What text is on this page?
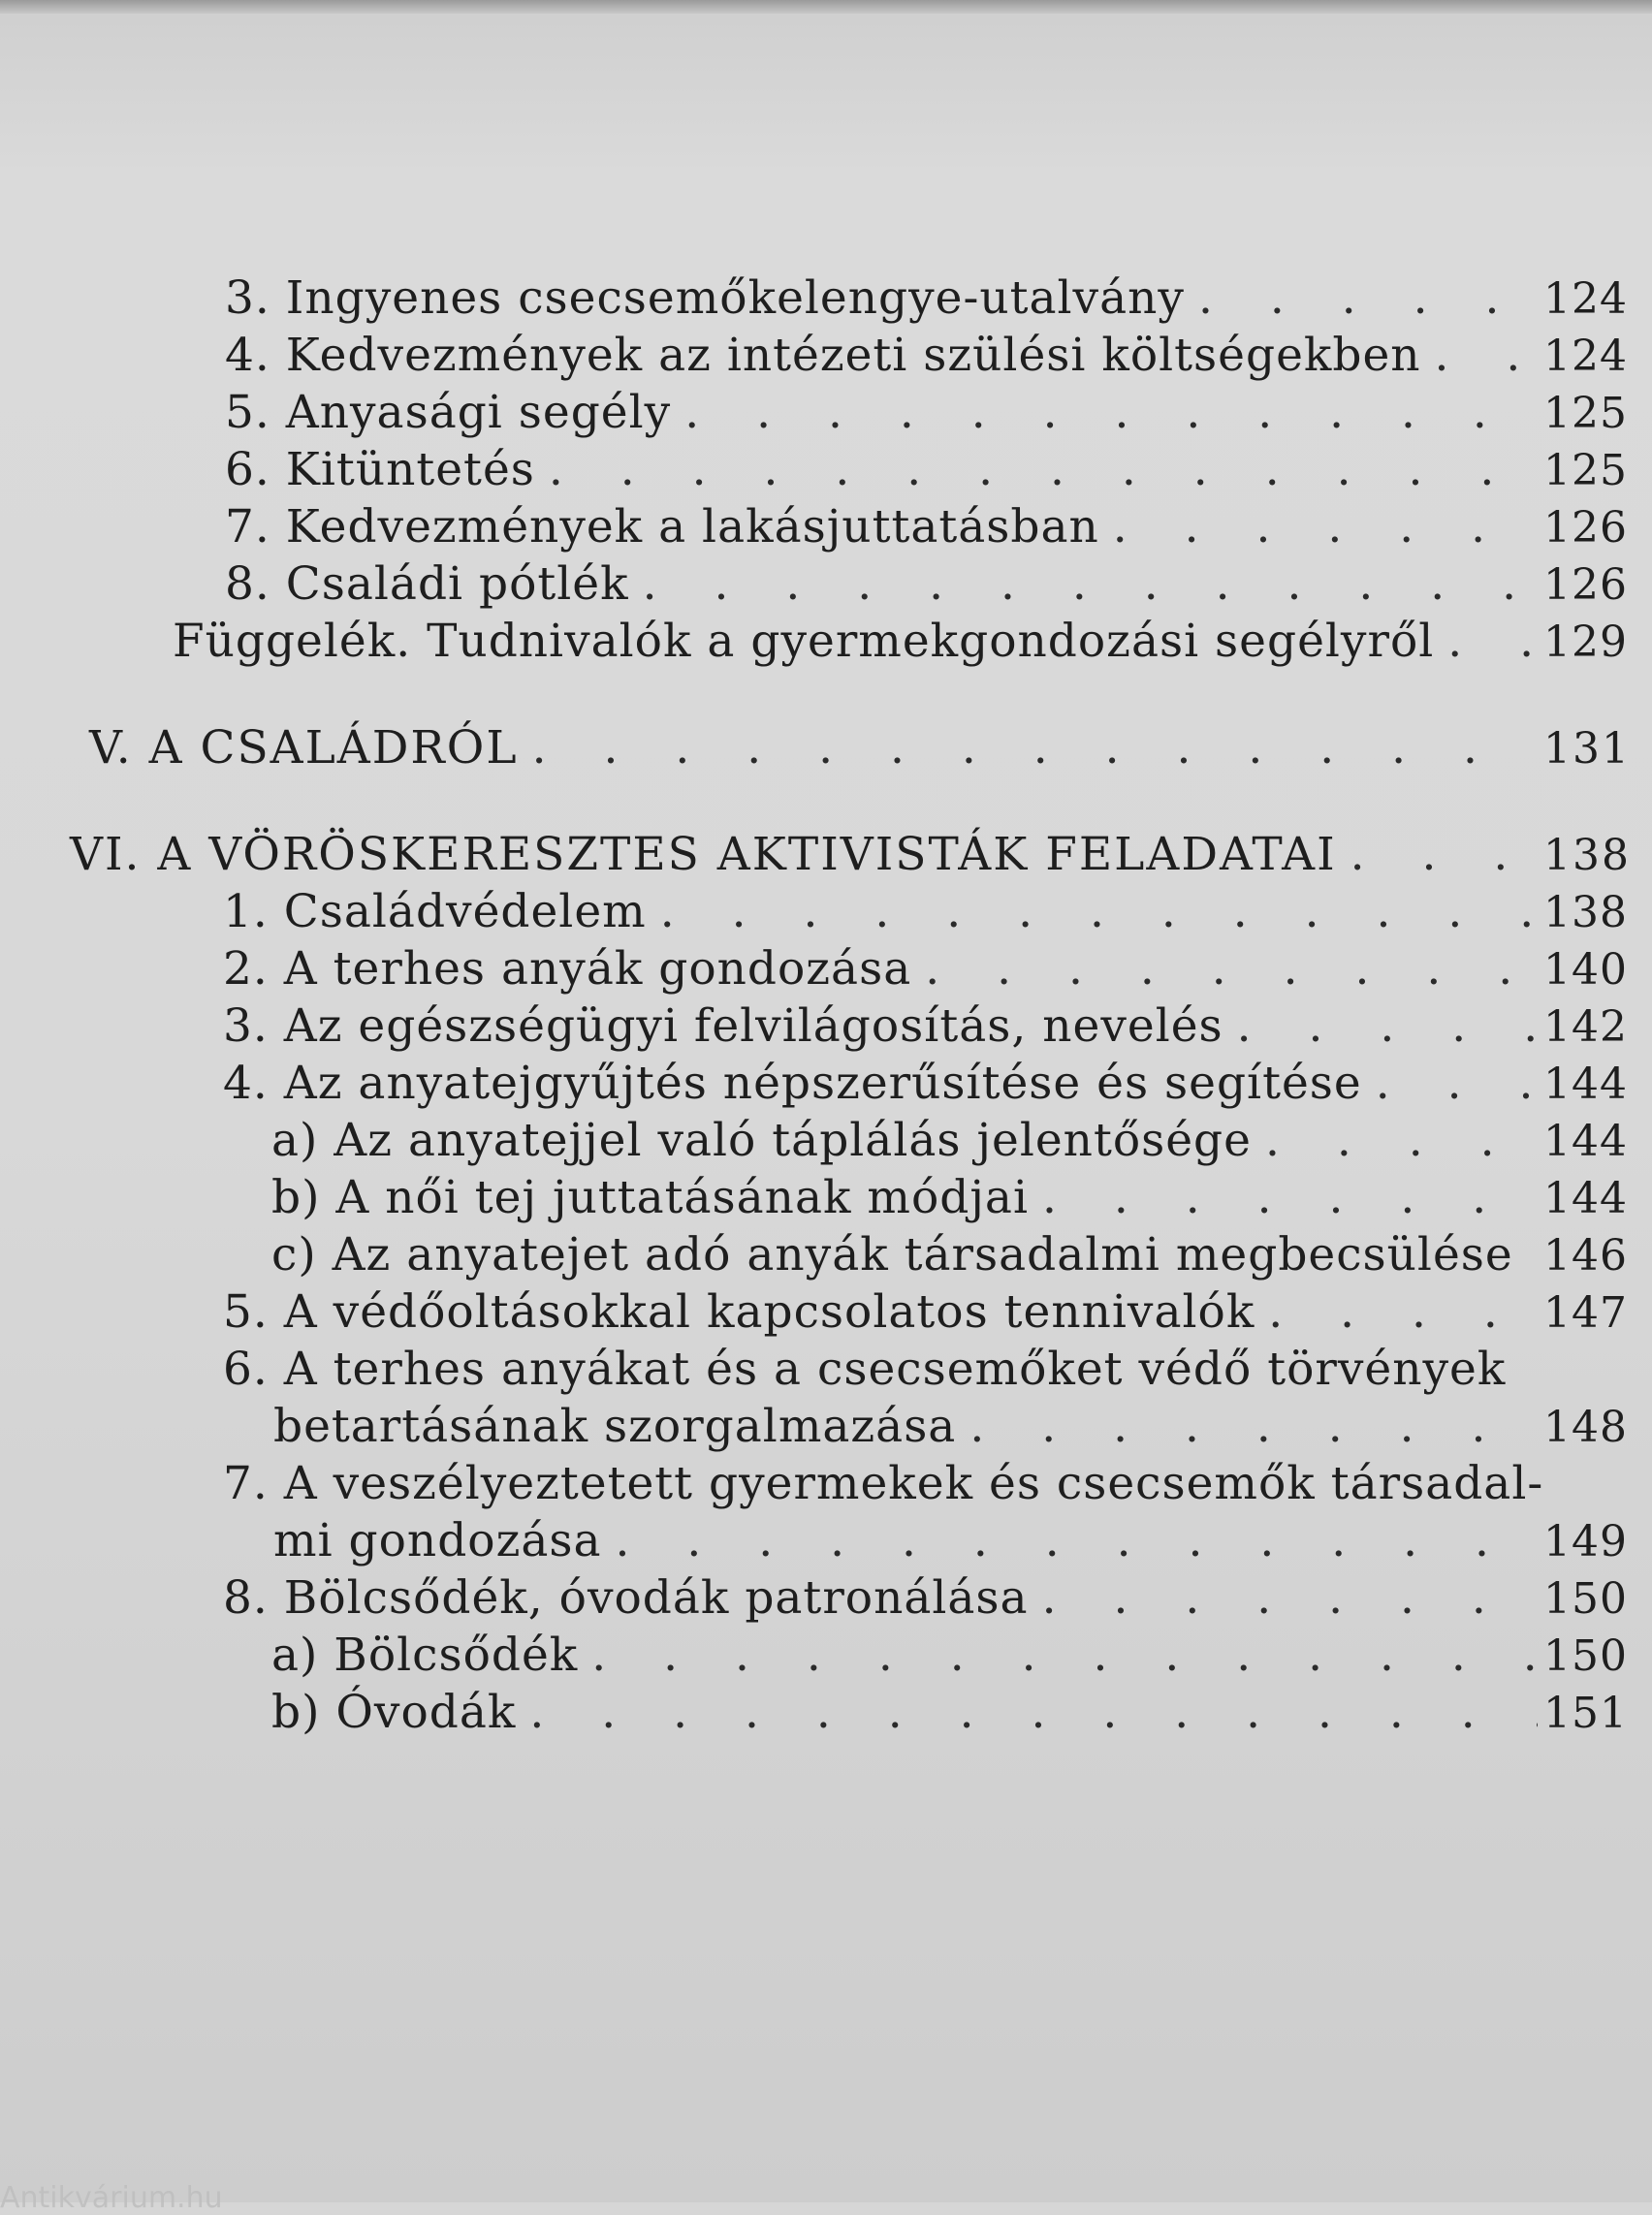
3. Ingyenes csecsemőkelengye-utalvány . . .	124
4. Kedvezmények az intézeti szülési költségekben . . .	124
5. Anyasági segély . . .	125
6. Kitüntetés . . .	125
7. Kedvezmények a lakásjuttatásban . . .	126
8. Családi pótlék . . .	126
Függelék. Tudnivalók a gyermekgondozási segélyről . . .	129
V. A CSALÁDRÓL . . .	131
VI. A VÖRÖSKERESZTES AKTIVISTÁK FELADATAI . . .	138
1. Családvédelem . . .	138
2. A terhes anyák gondozása . . .	140
3. Az egészségügyi felvilágosítás, nevelés . . .	142
4. Az anyatejgyűjtés népszerűsítése és segítése . . .	144
a) Az anyatejjel való táplálás jelentősége . . .	144
b) A női tej juttatásának módjai . . .	144
c) Az anyatejet adó anyák társadalmi megbecsülése 146
5. A védőoltásokkal kapcsolatos tennivalók . . .	147
6. A terhes anyákat és a csecsemőket védő törvények
betartásának szorgalmazása . . .	148
7. A veszélyeztetett gyermekek és csecsemők társadal-
mi gondozása . . .	149
8. Bölcsődék, óvodák patronálása . . .	150
a) Bölcsődék . . .	150
b) Óvodák . . .	151
Antikvárium.hu
